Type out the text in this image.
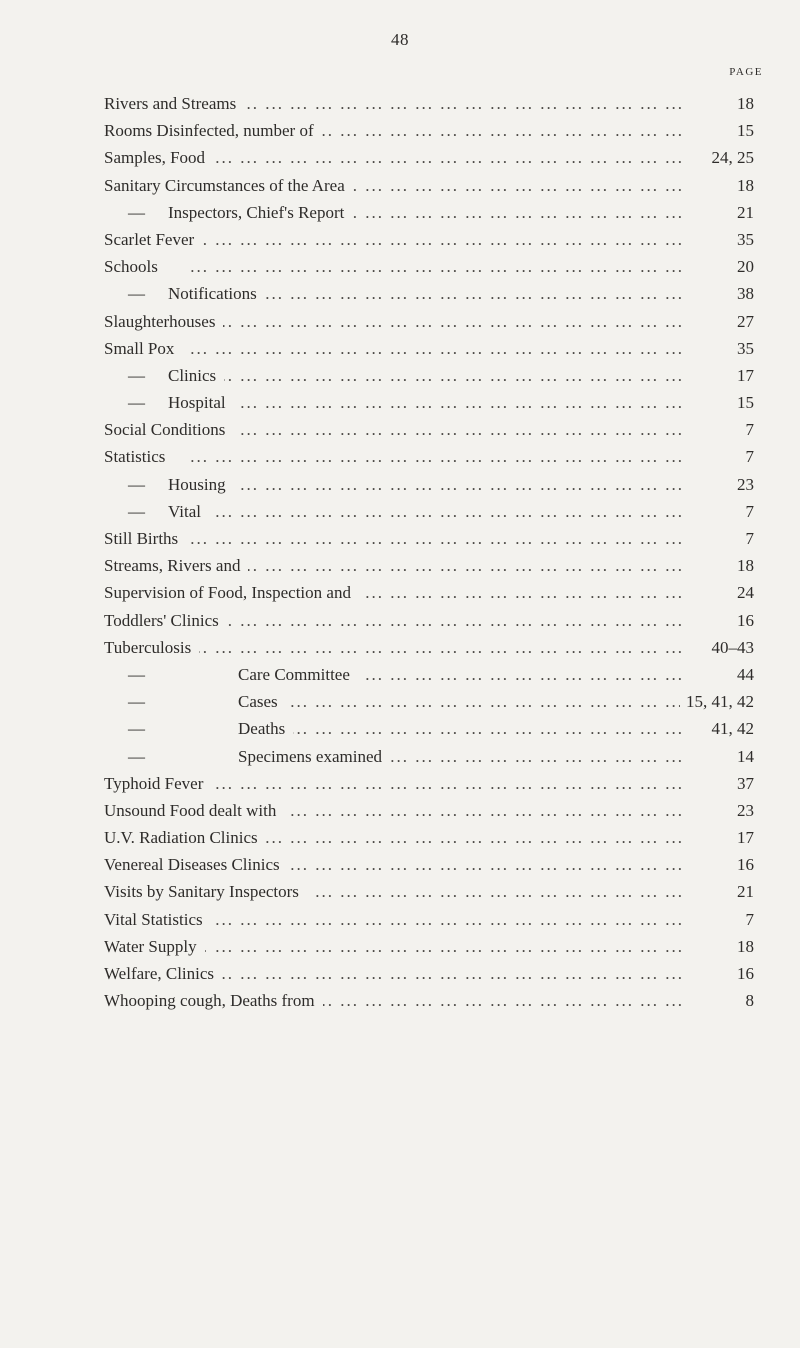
48
PAGE
...
Rivers and Streams	18
...
Rooms Disinfected, number of	15
...
Samples, Food	24, 25
...
Sanitary Circumstances of the Area	18
...
— Inspectors, Chief's Report	21
...
Scarlet Fever	35
...
Schools	20
...
— Notifications	38
...
Slaughterhouses	27
...
Small Pox	35
...
— Clinics	17
...
— Hospital	15
...
Social Conditions	7
...
Statistics	7
...
— Housing	23
...
— Vital	7
...
Still Births	7
...
Streams, Rivers and	18
...
Supervision of Food, Inspection and	24
...
Toddlers' Clinics	16
...
Tuberculosis	40–43
...
—	Care Committee	44
...
—	Cases	15, 41, 42
...
—	Deaths	41, 42
...
—	Specimens examined	14
...
Typhoid Fever	37
...
Unsound Food dealt with	23
...
U.V. Radiation Clinics	17
...
Venereal Diseases Clinics	16
...
Visits by Sanitary Inspectors	21
...
Vital Statistics	7
...
Water Supply	18
...
Welfare, Clinics	16
...
Whooping cough, Deaths from	8
